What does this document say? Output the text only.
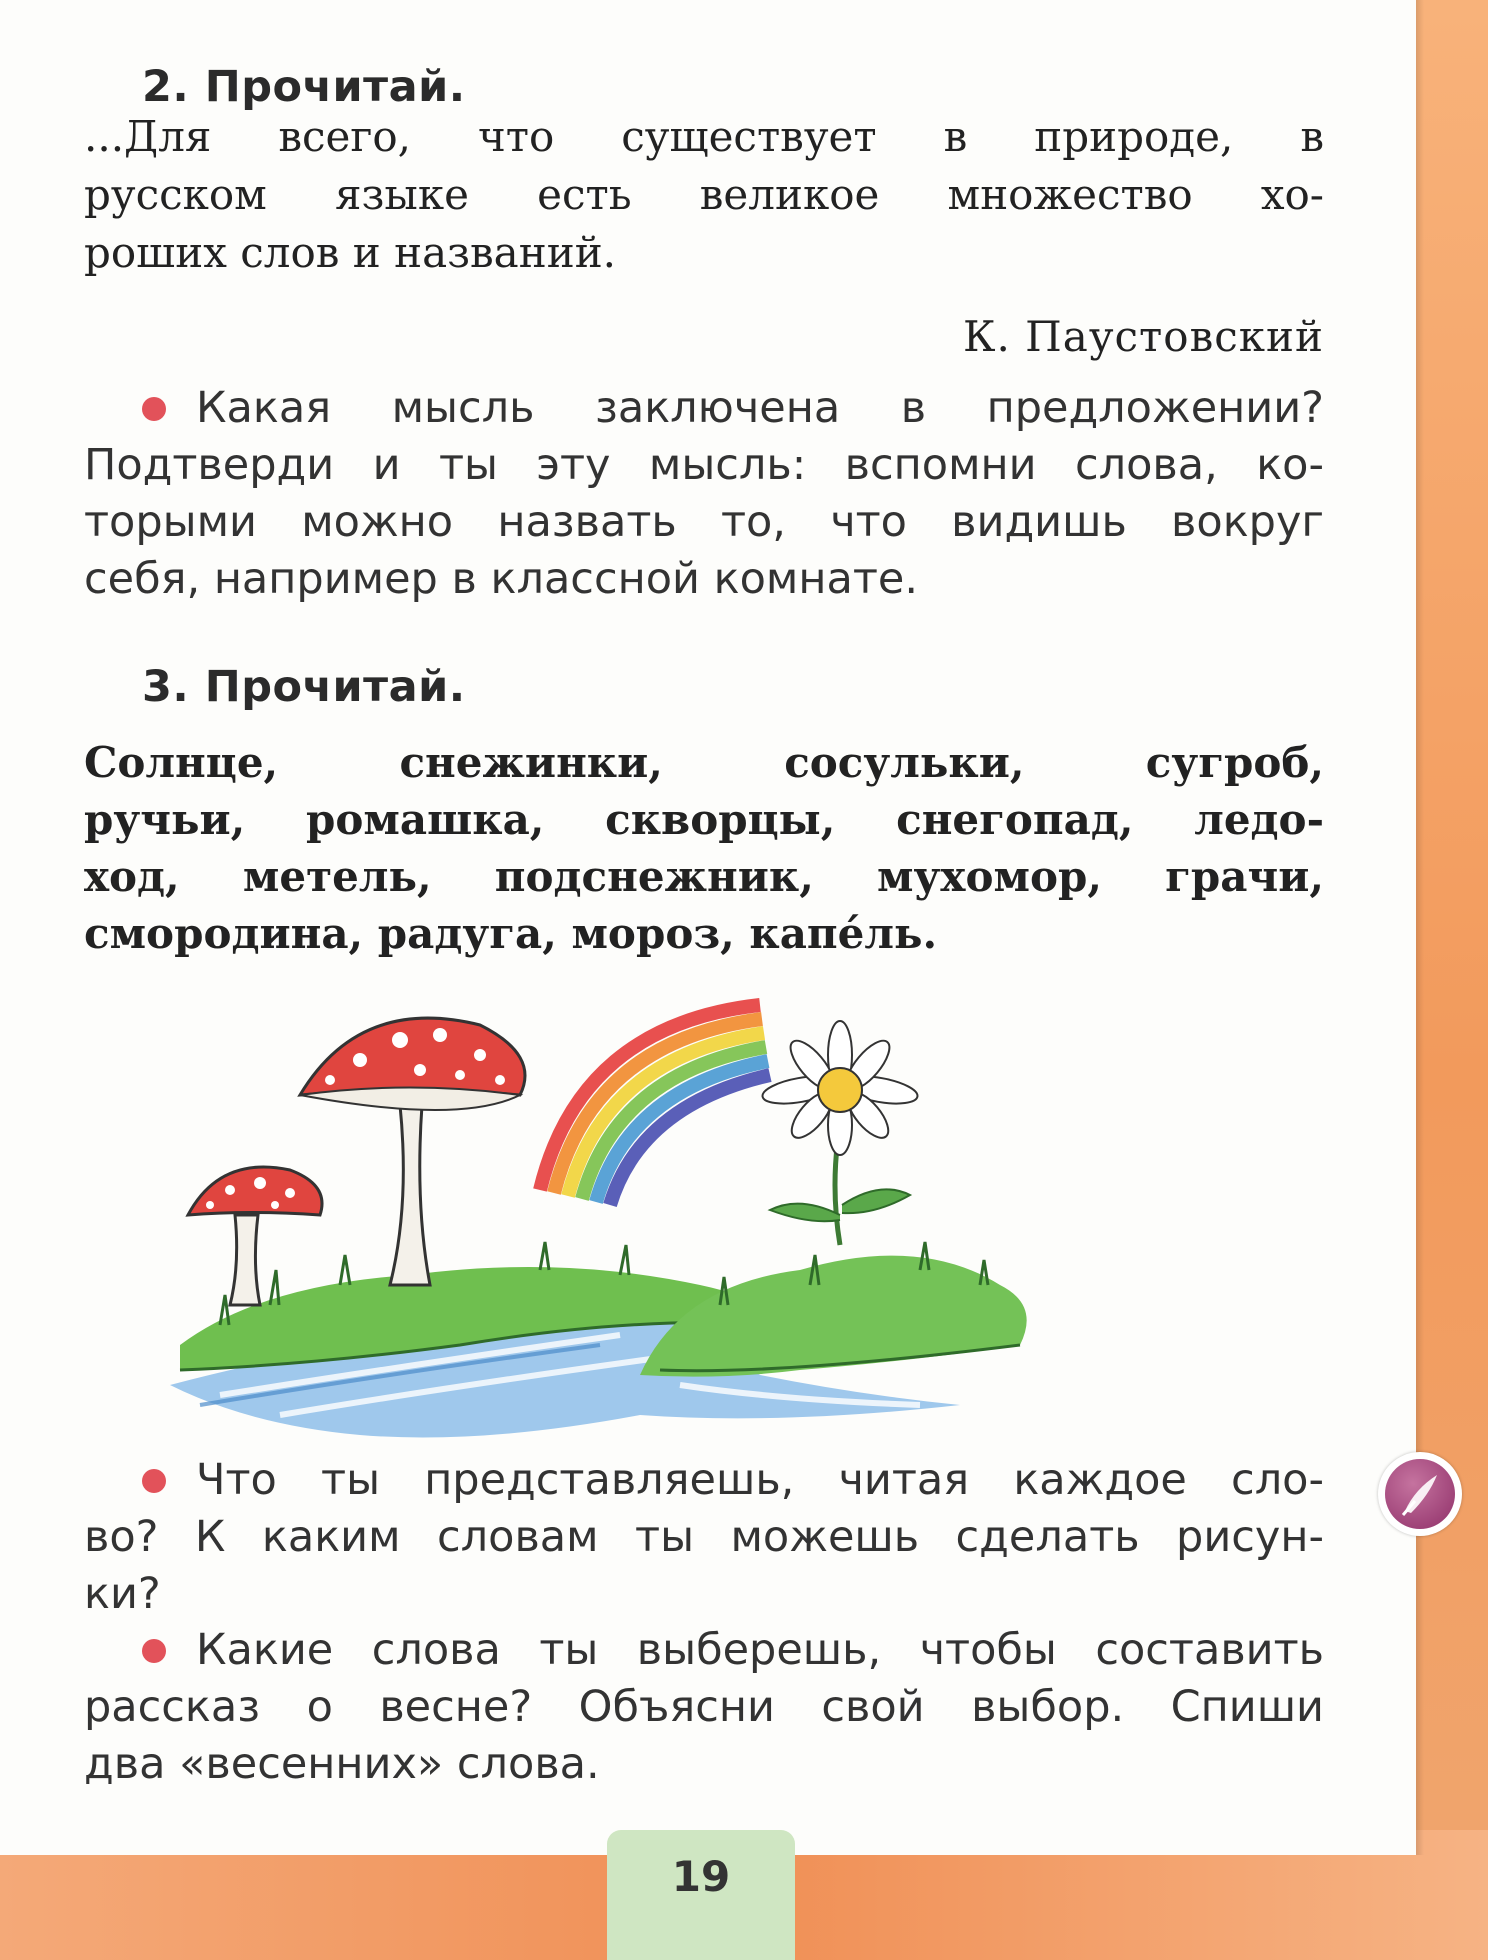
2. Прочитай.
...Для всего, что существует в природе, в
русском языке есть великое множество хо-
роших слов и названий.
К. Паустовский
Какая мысль заключена в предложении?
Подтверди и ты эту мысль: вспомни слова, ко-
торыми можно назвать то, что видишь вокруг
себя, например в классной комнате.
3. Прочитай.
Солнце, снежинки, сосульки, сугроб,
ручьи, ромашка, скворцы, снегопад, ледо-
ход, метель, подснежник, мухомор, грачи,
смородина, радуга, мороз, капе́ль.
Что ты представляешь, читая каждое сло-
во? К каким словам ты можешь сделать рисун-
ки?
Какие слова ты выберешь, чтобы составить
рассказ о весне? Объясни свой выбор. Спиши
два «весенних» слова.
19
